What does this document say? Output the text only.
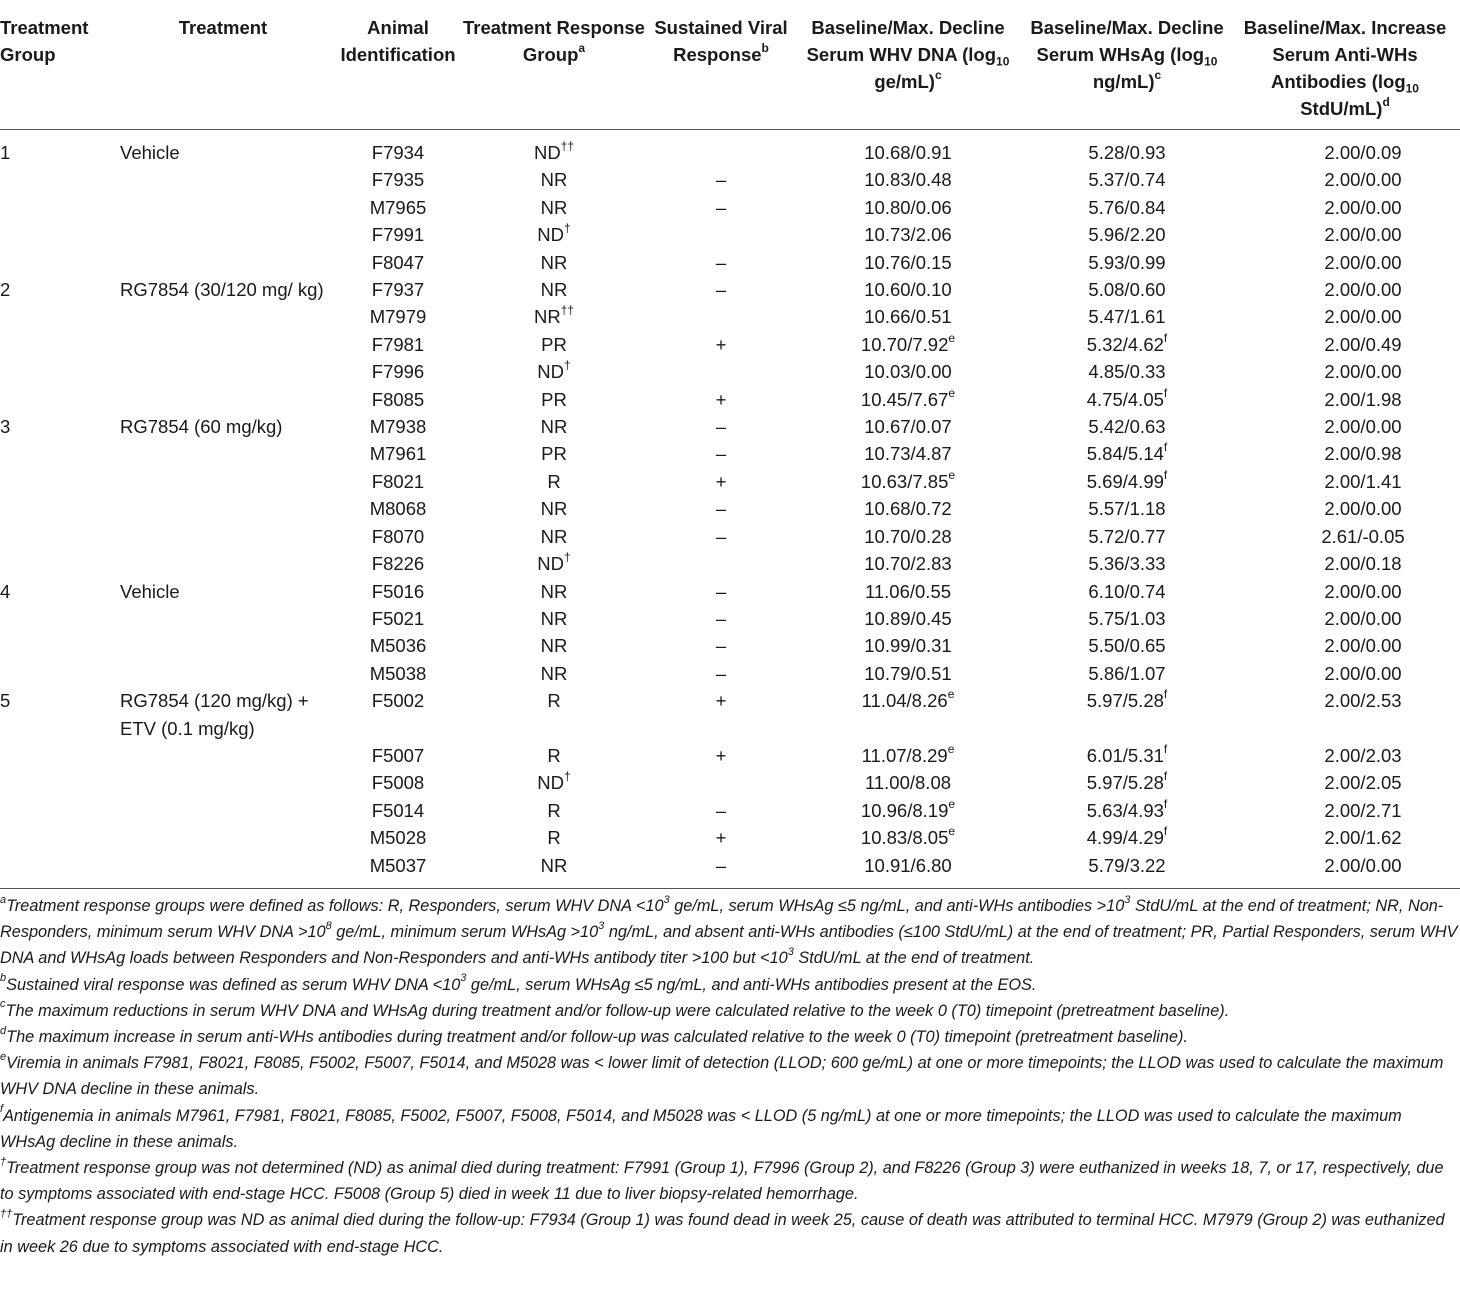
Treatment Group	Treatment	Animal Identification	Treatment Response Group$^a$	Sustained Viral Response$^b$	Baseline/Max. Decline Serum WHV DNA ($\log_{10}$ ge/mL)$^c$	Baseline/Max. Decline Serum WHsAg ($\log_{10}$ ng/mL)$^c$	Baseline/Max. Increase Serum Anti-WHs Antibodies ($\log_{10}$ StdU/mL)$^d$
1	Vehicle	F7934	ND††		10.68/0.91	5.28/0.93	2.00/0.09
		F7935	NR	–	10.83/0.48	5.37/0.74	2.00/0.00
		M7965	NR	–	10.80/0.06	5.76/0.84	2.00/0.00
		F7991	ND†		10.73/2.06	5.96/2.20	2.00/0.00
		F8047	NR	–	10.76/0.15	5.93/0.99	2.00/0.00
2	RG7854 (30/120 mg/ kg)	F7937	NR	–	10.60/0.10	5.08/0.60	2.00/0.00
		M7979	NR††		10.66/0.51	5.47/1.61	2.00/0.00
		F7981	PR	+	10.70/7.92$^e$	5.32/4.62$^f$	2.00/0.49
		F7996	ND†		10.03/0.00	4.85/0.33	2.00/0.00
		F8085	PR	+	10.45/7.67$^e$	4.75/4.05$^f$	2.00/1.98
3	RG7854 (60 mg/kg)	M7938	NR	–	10.67/0.07	5.42/0.63	2.00/0.00
		M7961	PR	–	10.73/4.87	5.84/5.14$^f$	2.00/0.98
		F8021	R	+	10.63/7.85$^e$	5.69/4.99$^f$	2.00/1.41
		M8068	NR	–	10.68/0.72	5.57/1.18	2.00/0.00
		F8070	NR	–	10.70/0.28	5.72/0.77	2.61/-0.05
		F8226	ND†		10.70/2.83	5.36/3.33	2.00/0.18
4	Vehicle	F5016	NR	–	11.06/0.55	6.10/0.74	2.00/0.00
		F5021	NR	–	10.89/0.45	5.75/1.03	2.00/0.00
		M5036	NR	–	10.99/0.31	5.50/0.65	2.00/0.00
		M5038	NR	–	10.79/0.51	5.86/1.07	2.00/0.00
5	RG7854 (120 mg/kg) + ETV (0.1 mg/kg)	F5002	R	+	11.04/8.26$^e$	5.97/5.28$^f$	2.00/2.53
		F5007	R	+	11.07/8.29$^e$	6.01/5.31$^f$	2.00/2.03
		F5008	ND†		11.00/8.08	5.97/5.28$^f$	2.00/2.05
		F5014	R	–	10.96/8.19e	5.63/4.93$^f$	2.00/2.71
		M5028	R	+	10.83/8.05$^e$	4.99/4.29$^f$	2.00/1.62
		M5037	NR	–	10.91/6.80	5.79/3.22	2.00/0.00

$^a$Treatment response groups were defined as follows: R, Responders, serum WHV DNA $<10^3$ ge/mL, serum WHsAg ≤5 ng/mL, and anti-WHs antibodies $>10^3$ StdU/mL at the end of treatment; NR, Non-Responders, minimum serum WHV DNA $>10^8$ ge/mL, minimum serum WHsAg $>10^3$ ng/mL, and absent anti-WHs antibodies (≤100 StdU/mL) at the end of treatment; PR, Partial Responders, serum WHV DNA and WHsAg loads between Responders and Non-Responders and anti-WHs antibody titer >100 but $<10^3$ StdU/mL at the end of treatment.

$^b$Sustained viral response was defined as serum WHV DNA $<10^3$ ge/mL, serum WHsAg ≤5 ng/mL, and anti-WHs antibodies present at the EOS.

$^c$The maximum reductions in serum WHV DNA and WHsAg during treatment and/or follow-up were calculated relative to the week 0 (T0) timepoint (pretreatment baseline).

$^d$The maximum increase in serum anti-WHs antibodies during treatment and/or follow-up was calculated relative to the week 0 (T0) timepoint (pretreatment baseline).

$^e$Viremia in animals F7981, F8021, F8085, F5002, F5007, F5014, and M5028 was < lower limit of detection (LLOD; 600 ge/mL) at one or more timepoints; the LLOD was used to calculate the maximum WHV DNA decline in these animals.

$^f$Antigenemia in animals M7961, F7981, F8021, F8085, F5002, F5007, F5008, F5014, and M5028 was < LLOD (5 ng/mL) at one or more timepoints; the LLOD was used to calculate the maximum WHsAg decline in these animals.

†Treatment response group was not determined (ND) as animal died during treatment: F7991 (Group 1), F7996 (Group 2), and F8226 (Group 3) were euthanized in weeks 18, 7, or 17, respectively, due to symptoms associated with end-stage HCC. F5008 (Group 5) died in week 11 due to liver biopsy-related hemorrhage.

††Treatment response group was ND as animal died during the follow-up: F7934 (Group 1) was found dead in week 25, cause of death was attributed to terminal HCC. M7979 (Group 2) was euthanized in week 26 due to symptoms associated with end-stage HCC.
